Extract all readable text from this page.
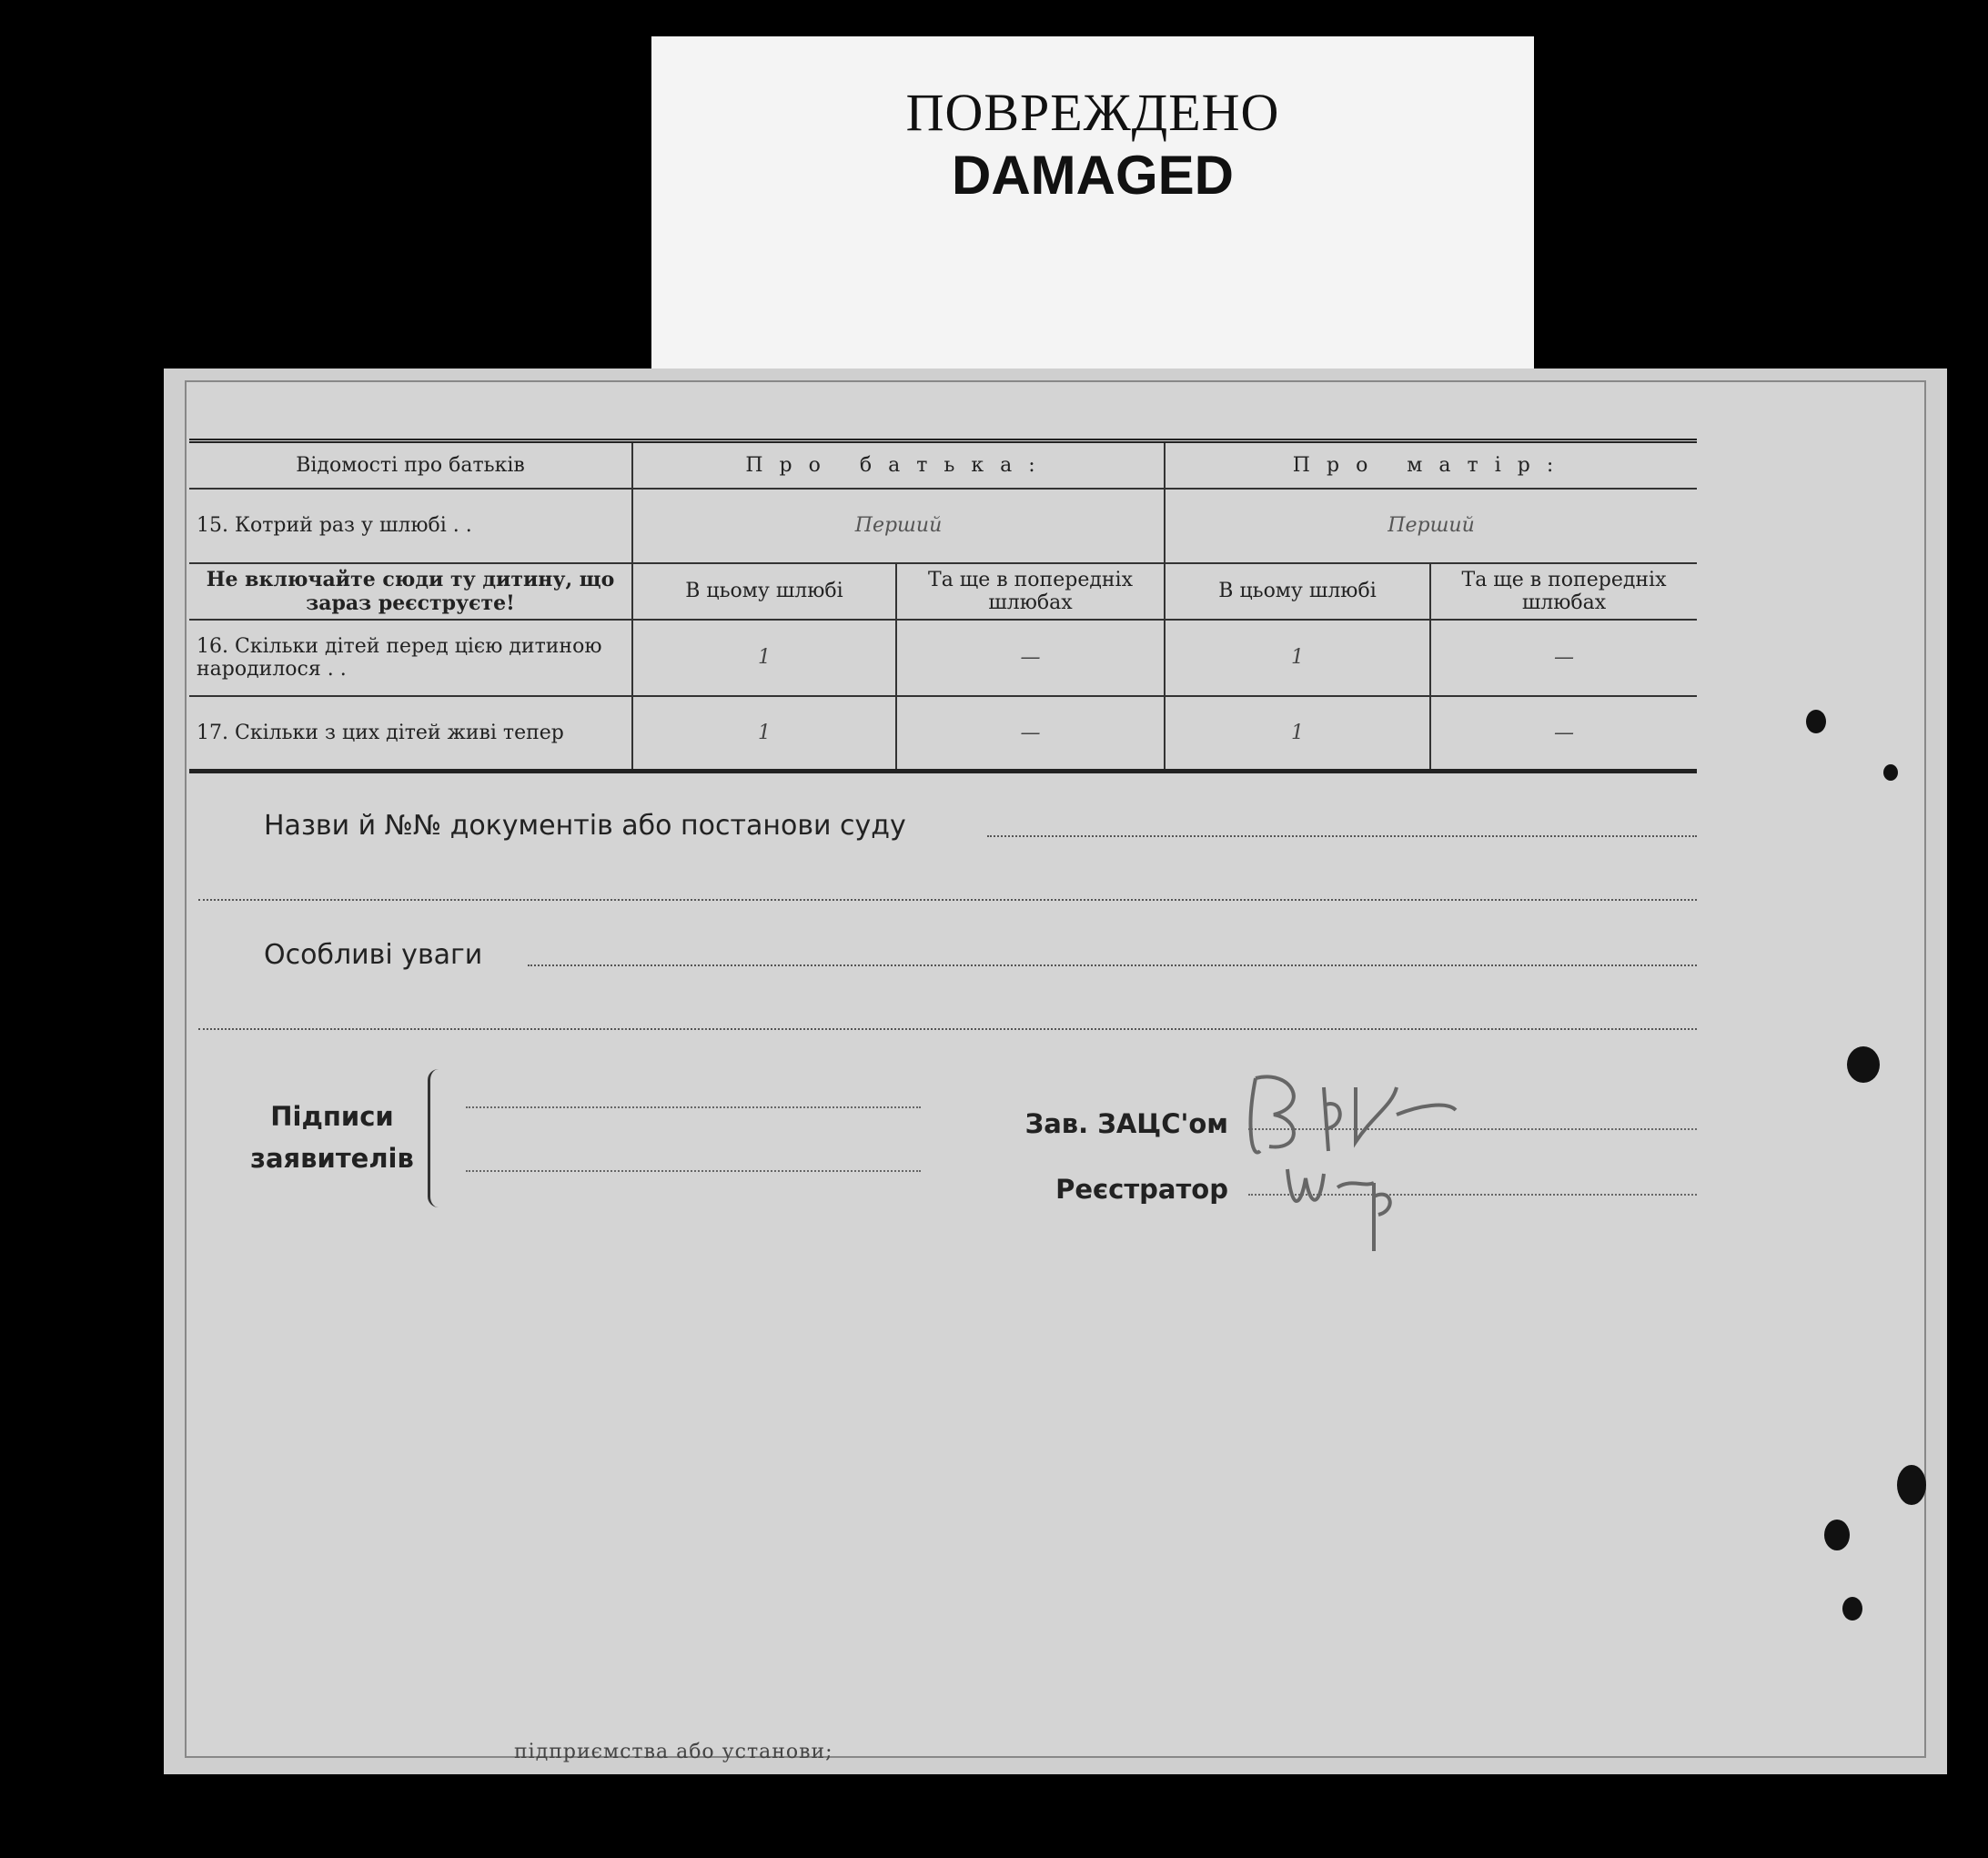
ПОВРЕЖДЕНО
DAMAGED
Відомості про батьків	Про батька:		Про матір:	
15. Котрий раз у шлюбі . .	Перший		Перший	
Не включайте сюди ту дитину, що зараз реєструєте!	В цьому шлюбі	Та ще в попередніх шлюбах	В цьому шлюбі	Та ще в попередніх шлюбах
16. Скільки дітей перед цією дитиною народилося . .	1	—	1	—
17. Скільки з цих дітей живі тепер	1	—	1	—
Назви й №№ документів або постанови суду
Особливі уваги
Підписи
заявителів
Зав. ЗАЦС'ом
Реєстратор
підприємства або установи;
